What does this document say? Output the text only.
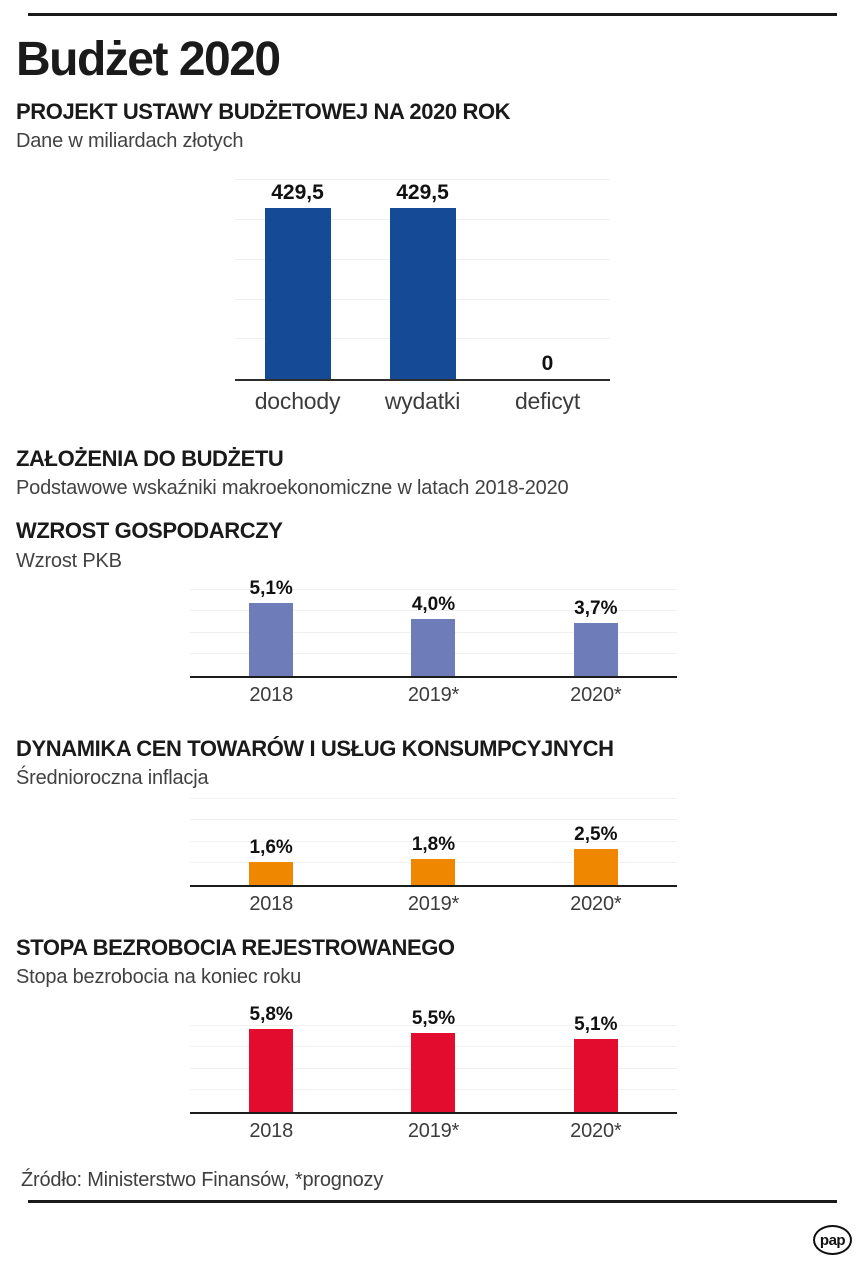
Budżet 2020
PROJEKT USTAWY BUDŻETOWEJ NA 2020 ROK
Dane w miliardach złotych
429,5	429,5
0
dochody	wydatki	deficyt
ZAŁOŻENIA DO BUDŻETU
Podstawowe wskaźniki makroekonomiczne w latach 2018-2020
WZROST GOSPODARCZY
Wzrost PKB
5,1%
4,0%	3,7%
2018	2019*	2020*
DYNAMIKA CEN TOWARÓW I USŁUG KONSUMPCYJNYCH
Średnioroczna inflacja
1,6%	1,8%	2,5%
2018	2019*	2020*
STOPA BEZROBOCIA REJESTROWANEGO
Stopa bezrobocia na koniec roku
5,8%	5,5%	5,1%
2018	2019*	2020*
Źródło: Ministerstwo Finansów, *prognozy
pap
